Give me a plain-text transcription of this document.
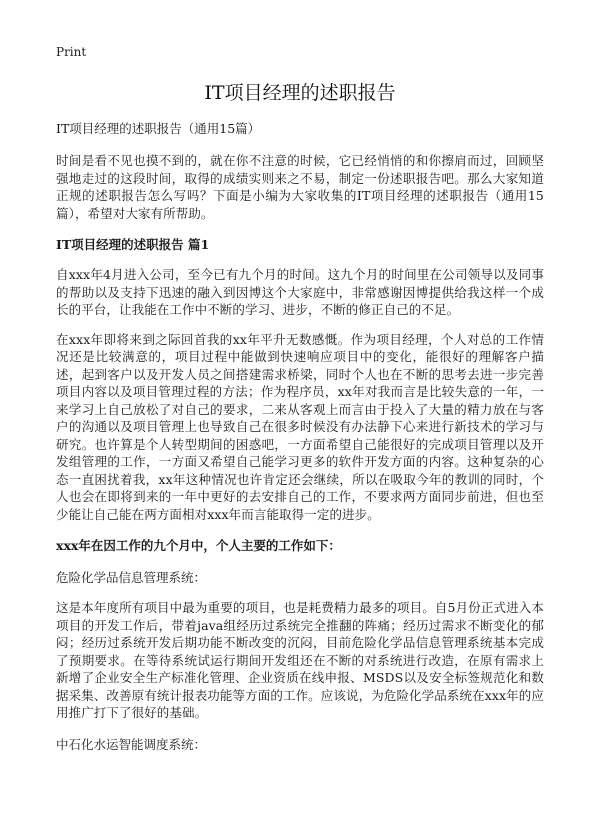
Print

IT项目经理的述职报告

IT项目经理的述职报告（通用15篇）

时间是看不见也摸不到的，就在你不注意的时候，它已经悄悄的和你擦肩而过，回顾坚强地走过的这段时间，取得的成绩实则来之不易，制定一份述职报告吧。那么大家知道正规的述职报告怎么写吗？下面是小编为大家收集的IT项目经理的述职报告（通用15篇），希望对大家有所帮助。

IT项目经理的述职报告 篇1

自xxx年4月进入公司，至今已有九个月的时间。这九个月的时间里在公司领导以及同事的帮助以及支持下迅速的融入到因博这个大家庭中，非常感谢因博提供给我这样一个成长的平台，让我能在工作中不断的学习、进步，不断的修正自己的不足。

在xxx年即将来到之际回首我的xx年平升无数感慨。作为项目经理，个人对总的工作情况还是比较满意的，项目过程中能做到快速响应项目中的变化，能很好的理解客户描述，起到客户以及开发人员之间搭建需求桥梁，同时个人也在不断的思考去进一步完善项目内容以及项目管理过程的方法；作为程序员，xx年对我而言是比较失意的一年，一来学习上自己放松了对自己的要求，二来从客观上而言由于投入了大量的精力放在与客户的沟通以及项目管理上也导致自己在很多时候没有办法静下心来进行新技术的学习与研究。也许算是个人转型期间的困惑吧，一方面希望自己能很好的完成项目管理以及开发组管理的工作，一方面又希望自己能学习更多的软件开发方面的内容。这种复杂的心态一直困扰着我，xx年这种情况也许肯定还会继续，所以在吸取今年的教训的同时，个人也会在即将到来的一年中更好的去安排自己的工作，不要求两方面同步前进，但也至少能让自己能在两方面相对xxx年而言能取得一定的进步。

xxx年在因工作的九个月中，个人主要的工作如下：

危险化学品信息管理系统：

这是本年度所有项目中最为重要的项目，也是耗费精力最多的项目。自5月份正式进入本项目的开发工作后，带着java组经历过系统完全推翻的阵痛；经历过需求不断变化的郁闷；经历过系统开发后期功能不断改变的沉闷，目前危险化学品信息管理系统基本完成了预期要求。在等待系统试运行期间开发组还在不断的对系统进行改造，在原有需求上新增了企业安全生产标准化管理、企业资质在线申报、MSDS以及安全标签规范化和数据采集、改善原有统计报表功能等方面的工作。应该说，为危险化学品系统在xxx年的应用推广打下了很好的基础。

中石化水运智能调度系统：
